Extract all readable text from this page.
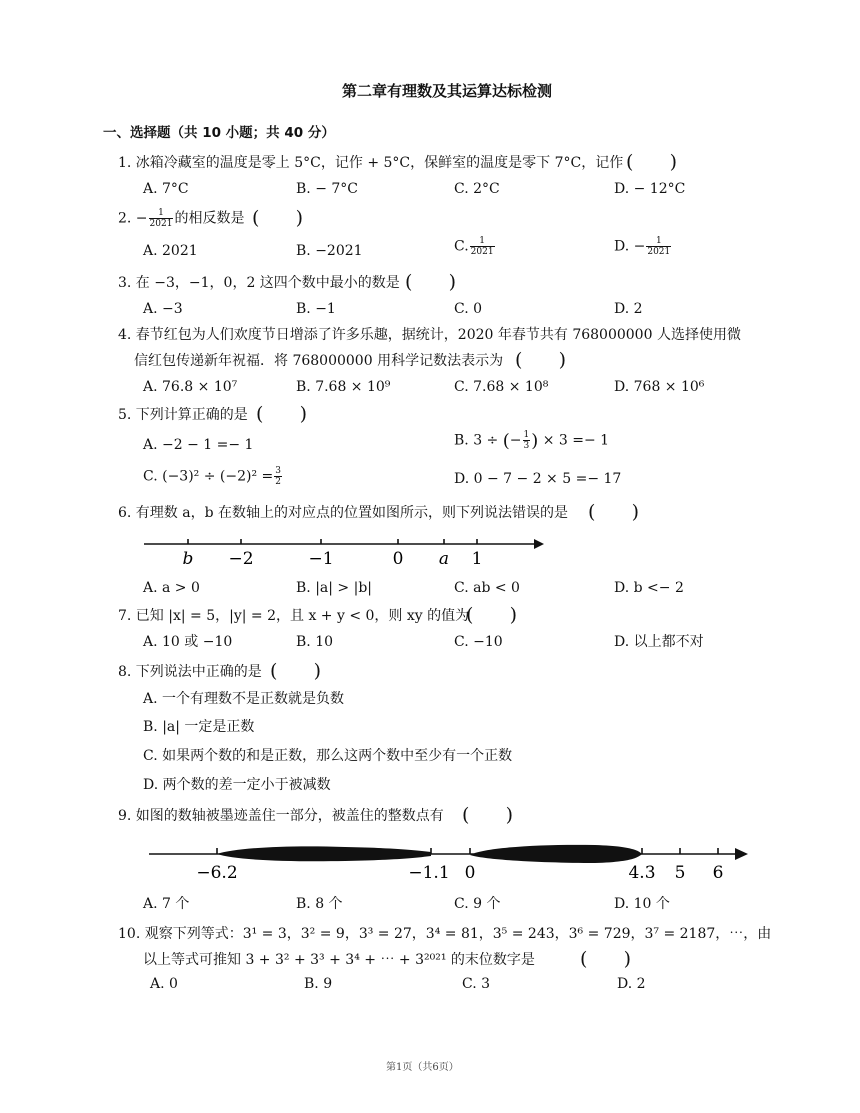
第二章有理数及其运算达标检测
一、选择题（共 10 小题；共 40 分）
1. 冰箱冷藏室的温度是零上 5°C，记作 + 5°C，保鲜室的温度是零下 7°C，记作 (      )
A. 7°C	B. − 7°C	C. 2°C	D. − 12°C
2. − $\frac{1}{2021}$ 的相反数是 (      )
A. 2021	B. −2021	C. $\frac{1}{2021}$	D. − $\frac{1}{2021}$
3. 在 −3，−1，0，2 这四个数中最小的数是 (      )
A. −3	B. −1	C. 0	D. 2
4. 春节红包为人们欢度节日增添了许多乐趣，据统计，2020 年春节共有 768000000 人选择使用微
信红包传递新年祝福．将 768000000 用科学记数法表示为 (      )
A. 76.8 × 10⁷	B. 7.68 × 10⁹	C. 7.68 × 10⁸	D. 768 × 10⁶
5. 下列计算正确的是 (      )
A. −2 − 1 =− 1	B. 3 ÷ (− $\frac{1}{3}$ ) × 3 =− 1
C. $(-3)^2 \div (-2)^2 = \frac{3}{2}$	D. 0 − 7 − 2 × 5 =− 17
6. 有理数 a，b 在数轴上的对应点的位置如图所示，则下列说法错误的是 (      )
b −2	−1	0 a 1
A. a > 0	B. |a| > |b|	C. ab < 0	D. b <− 2
7. 已知 |x| = 5，|y| = 2，且 x + y < 0，则 xy 的值为
(      )
A. 10 或 −10	B. 10	C. −10	D. 以上都不对
8. 下列说法中正确的是 (      )
A. 一个有理数不是正数就是负数
B. |a| 一定是正数
C. 如果两个数的和是正数，那么这两个数中至少有一个正数
D. 两个数的差一定小于被减数
9. 如图的数轴被墨迹盖住一部分，被盖住的整数点有 (      )
−6.2	−1.1 0	4.3 5 6
A. 7 个	B. 8 个	C. 9 个	D. 10 个
10. 观察下列等式：3¹ = 3，3² = 9，3³ = 27，3⁴ = 81，3⁵ = 243，3⁶ = 729，3⁷ = 2187，⋯，由
以上等式可推知 3 + 3² + 3³ + 3⁴ + ⋯ + 3²⁰²¹ 的末位数字是 (      )
A. 0	B. 9	C. 3	D. 2
第1页（共6页）
